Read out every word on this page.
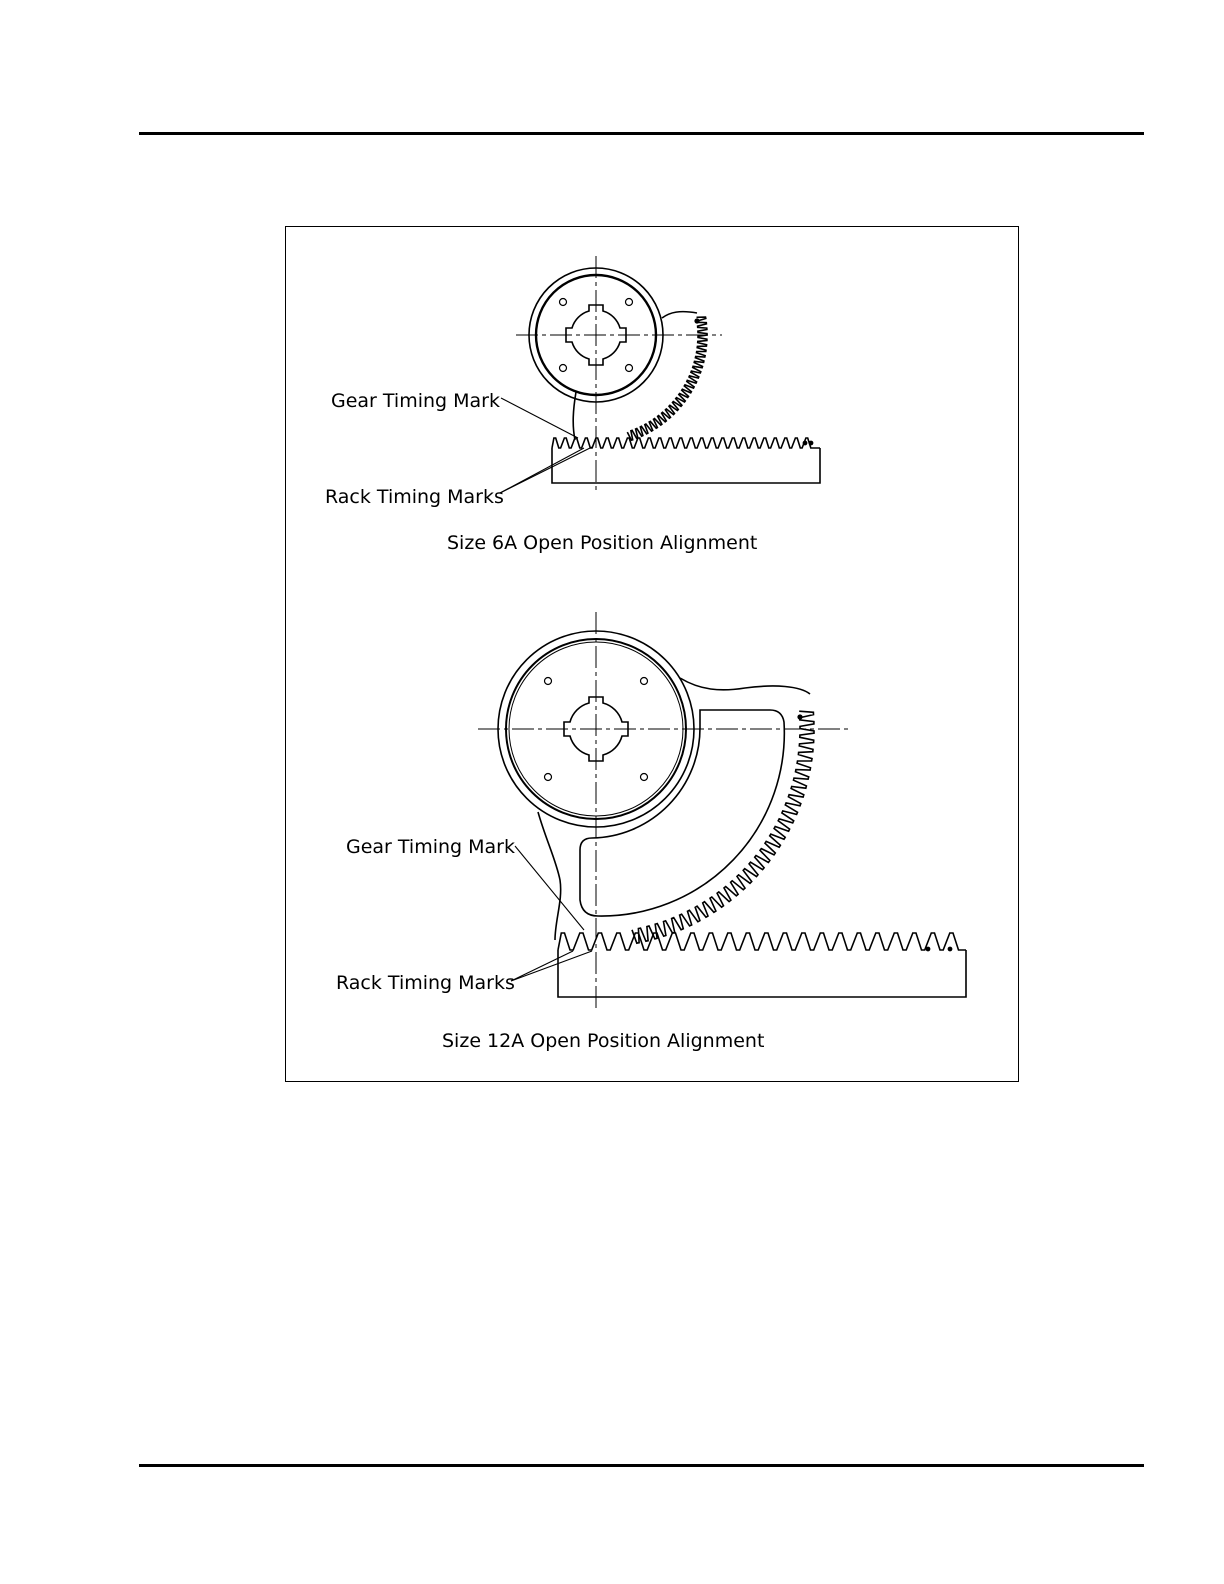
Gear Timing Mark
Rack Timing Marks
Size 6A Open Position Alignment
Gear Timing Mark
Rack Timing Marks
Size 12A Open Position Alignment
